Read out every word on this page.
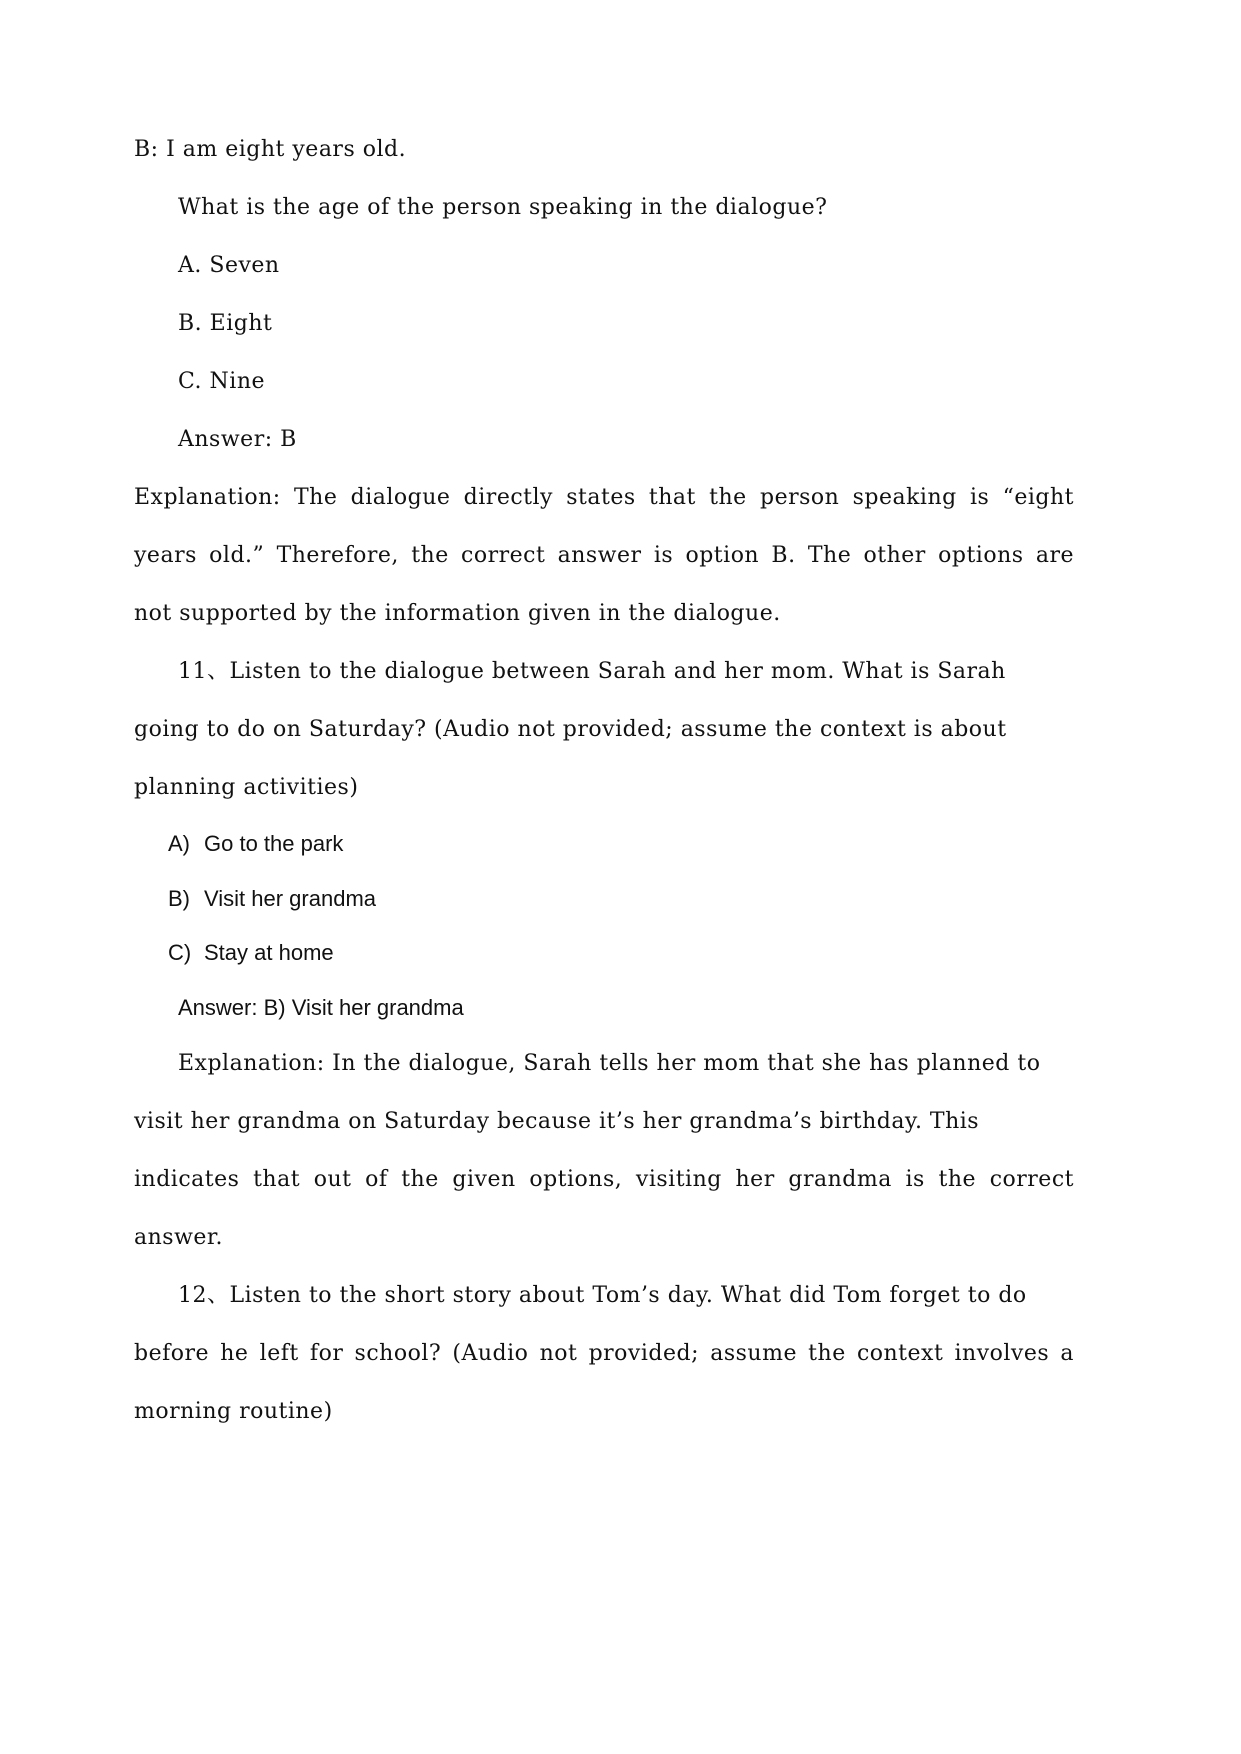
B: I am eight years old.
What is the age of the person speaking in the dialogue?
A. Seven
B. Eight
C. Nine
Answer: B
Explanation: The dialogue directly states that the person speaking is “eight
years old.” Therefore, the correct answer is option B. The other options are
not supported by the information given in the dialogue.
11、Listen to the dialogue between Sarah and her mom. What is Sarah
going to do on Saturday? (Audio not provided; assume the context is about
planning activities)
A) Go to the park
B) Visit her grandma
C) Stay at home
Answer: B) Visit her grandma
Explanation: In the dialogue, Sarah tells her mom that she has planned to
visit her grandma on Saturday because it’s her grandma’s birthday. This
indicates that out of the given options, visiting her grandma is the correct
answer.
12、Listen to the short story about Tom’s day. What did Tom forget to do
before he left for school? (Audio not provided; assume the context involves a
morning routine)
